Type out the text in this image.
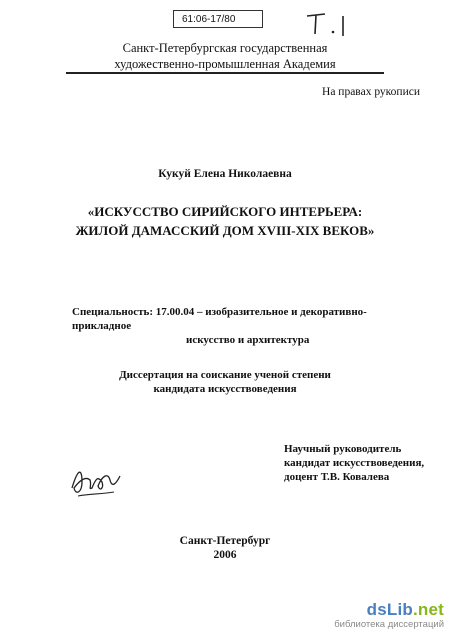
61:06-17/80
Санкт-Петербургская государственная
художественно-промышленная Академия
На правах рукописи
Кукуй Елена Николаевна
«ИСКУССТВО СИРИЙСКОГО ИНТЕРЬЕРА:
ЖИЛОЙ ДАМАССКИЙ ДОМ XVIII-XIX ВЕКОВ»
Специальность: 17.00.04 – изобразительное и декоративно-прикладное
искусство и архитектура
Диссертация на соискание ученой степени
кандидата искусствоведения
Научный руководитель
кандидат искусствоведения,
доцент Т.В. Ковалева
Санкт-Петербург
2006
dsLib.net
библиотека диссертаций
